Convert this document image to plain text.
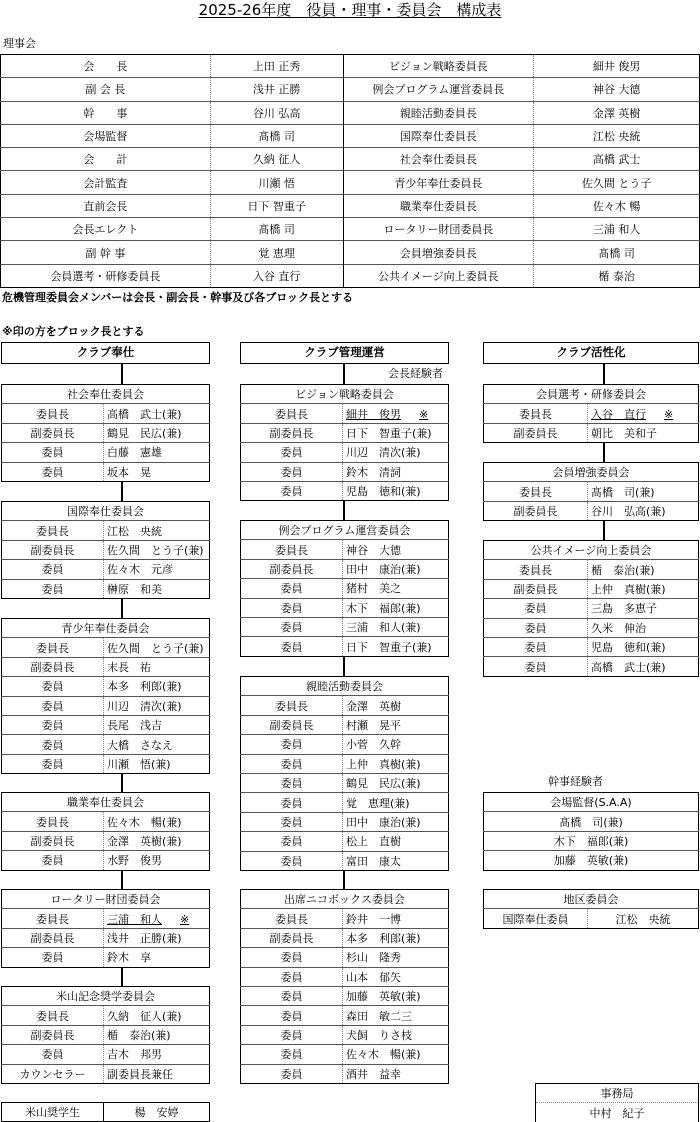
2025-26年度　役員・理事・委員会　構成表
理事会
会　　長	上田 正秀	ビジョン戦略委員長	細井 俊男
副 会 長	浅井 正勝	例会プログラム運営委員長	神谷 大德
幹　　事	谷川 弘高	親睦活動委員長	金澤 英樹
会場監督	髙橋 司	国際奉仕委員長	江松 央統
会　　計	久納 征人	社会奉仕委員長	高橋 武士
会計監査	川瀬 悟	青少年奉仕委員長	佐久間 とう子
直前会長	日下 智重子	職業奉仕委員長	佐々木 暢
会長エレクト	髙橋 司	ロータリー財団委員長	三浦 和人
副 幹 事	覚 恵理	会員増強委員長	髙橋 司
会員選考・研修委員長	入谷 直行	公共イメージ向上委員長	楯 泰治
危機管理委員会メンバーは会長・副会長・幹事及び各ブロック長とする
※印の方をブロック長とする
クラブ奉仕	クラブ管理運営	クラブ活性化
会長経験者
社会奉仕委員会	
委員長	高橋　武士(兼)
副委員長	鶴見　民広(兼)
委員	白藤　憲雄
委員	坂本　晃
国際奉仕委員会	
委員長	江松　央統
副委員長	佐久間　とう子(兼)
委員	佐々木　元彦
委員	榊原　和美
青少年奉仕委員会	
委員長	佐久間　とう子(兼)
副委員長	末長　祐
委員	本多　利郎(兼)
委員	川辺　清次(兼)
委員	長尾　浅吉
委員	大橋　さなえ
委員	川瀬　悟(兼)
職業奉仕委員会	
委員長	佐々木　暢(兼)
副委員長	金澤　英樹(兼)
委員	水野　俊男
ロータリー財団委員会	
委員長	三浦　和人 ※
副委員長	浅井　正勝(兼)
委員	鈴木　享
米山記念奨学委員会	
委員長	久納　征人(兼)
副委員長	楯　泰治(兼)
委員	吉木　邦男
カウンセラー	副委員長兼任
米山奨学生	楊　安婷
ビジョン戦略委員会	
委員長	細井　俊男 ※
副委員長	日下　智重子(兼)
委員	川辺　清次(兼)
委員	鈴木　清詞
委員	児島　徳和(兼)
例会プログラム運営委員会	
委員長	神谷　大德
副委員長	田中　康治(兼)
委員	猪村　美之
委員	木下　福郎(兼)
委員	三浦　和人(兼)
委員	日下　智重子(兼)
親睦活動委員会	
委員長	金澤　英樹
副委員長	村瀬　晃平
委員	小菅　久幹
委員	上仲　真樹(兼)
委員	鶴見　民広(兼)
委員	覚　恵理(兼)
委員	田中　康治(兼)
委員	松上　直樹
委員	富田　康太
出席ニコボックス委員会	
委員長	鈴井　一博
副委員長	本多　利郎(兼)
委員	杉山　隆秀
委員	山本　郁矢
委員	加藤　英敏(兼)
委員	森田　敏二三
委員	犬飼　りさ枝
委員	佐々木　暢(兼)
委員	酒井　益幸
会員選考・研修委員会	
委員長	入谷　直行 ※
副委員長	朝比　美和子
会員増強委員会	
委員長	髙橋　司(兼)
副委員長	谷川　弘高(兼)
公共イメージ向上委員会	
委員長	楯　泰治(兼)
副委員長	上仲　真樹(兼)
委員	三島　多恵子
委員	久米　伸治
委員	児島　徳和(兼)
委員	高橋　武士(兼)
幹事経験者
会場監督(S.A.A)
髙橋　司(兼)
木下　福郎(兼)
加藤　英敏(兼)
地区委員会
国際奉仕委員	江松　央統
事務局
中村　紀子
